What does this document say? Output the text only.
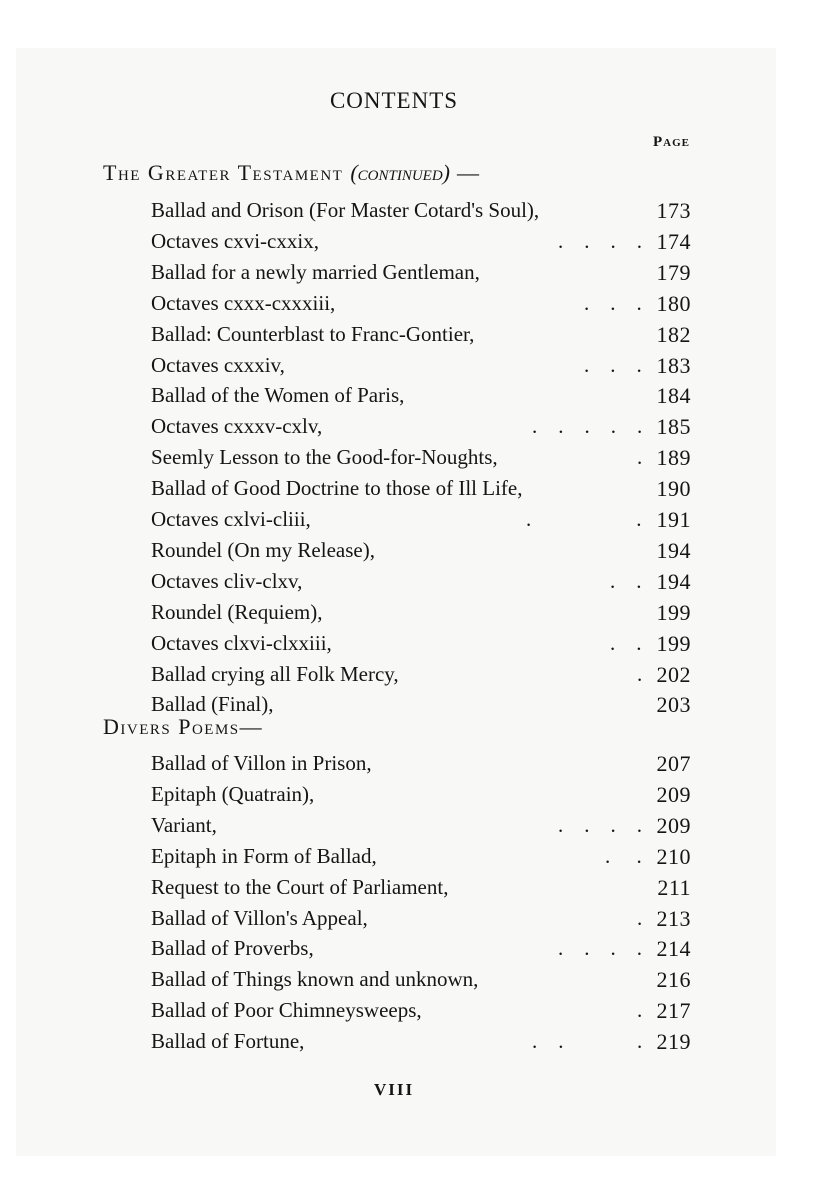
CONTENTS
Page
The Greater Testament (continued) —
Divers Poems—
Ballad and Orison (For Master Cotard's Soul),	173
Octaves cxvi-cxxix,	.    .    .    . 174
Ballad for a newly married Gentleman,	179
Octaves cxxx-cxxxiii,	.    .    . 180
Ballad: Counterblast to Franc-Gontier,	182
Octaves cxxxiv,	.    .    . 183
Ballad of the Women of Paris,	184
Octaves cxxxv-cxlv,	.    .    .    .    . 185
Seemly Lesson to the Good-for-Noughts,	. 189
Ballad of Good Doctrine to those of Ill Life,	190
Octaves cxlvi-cliii,	.                    . 191
Roundel (On my Release),	194
Octaves cliv-clxv,	.    . 194
Roundel (Requiem),	199
Octaves clxvi-clxxiii,	.    . 199
Ballad crying all Folk Mercy,	. 202
Ballad (Final),	203
Ballad of Villon in Prison,	207
Epitaph (Quatrain),	209
Variant,	.    .    .    . 209
Epitaph in Form of Ballad,	.     . 210
Request to the Court of Parliament,	211
Ballad of Villon's Appeal,	. 213
Ballad of Proverbs,	.    .    .    . 214
Ballad of Things known and unknown,	216
Ballad of Poor Chimneysweeps,	. 217
Ballad of Fortune,	.    .              . 219
VIII
